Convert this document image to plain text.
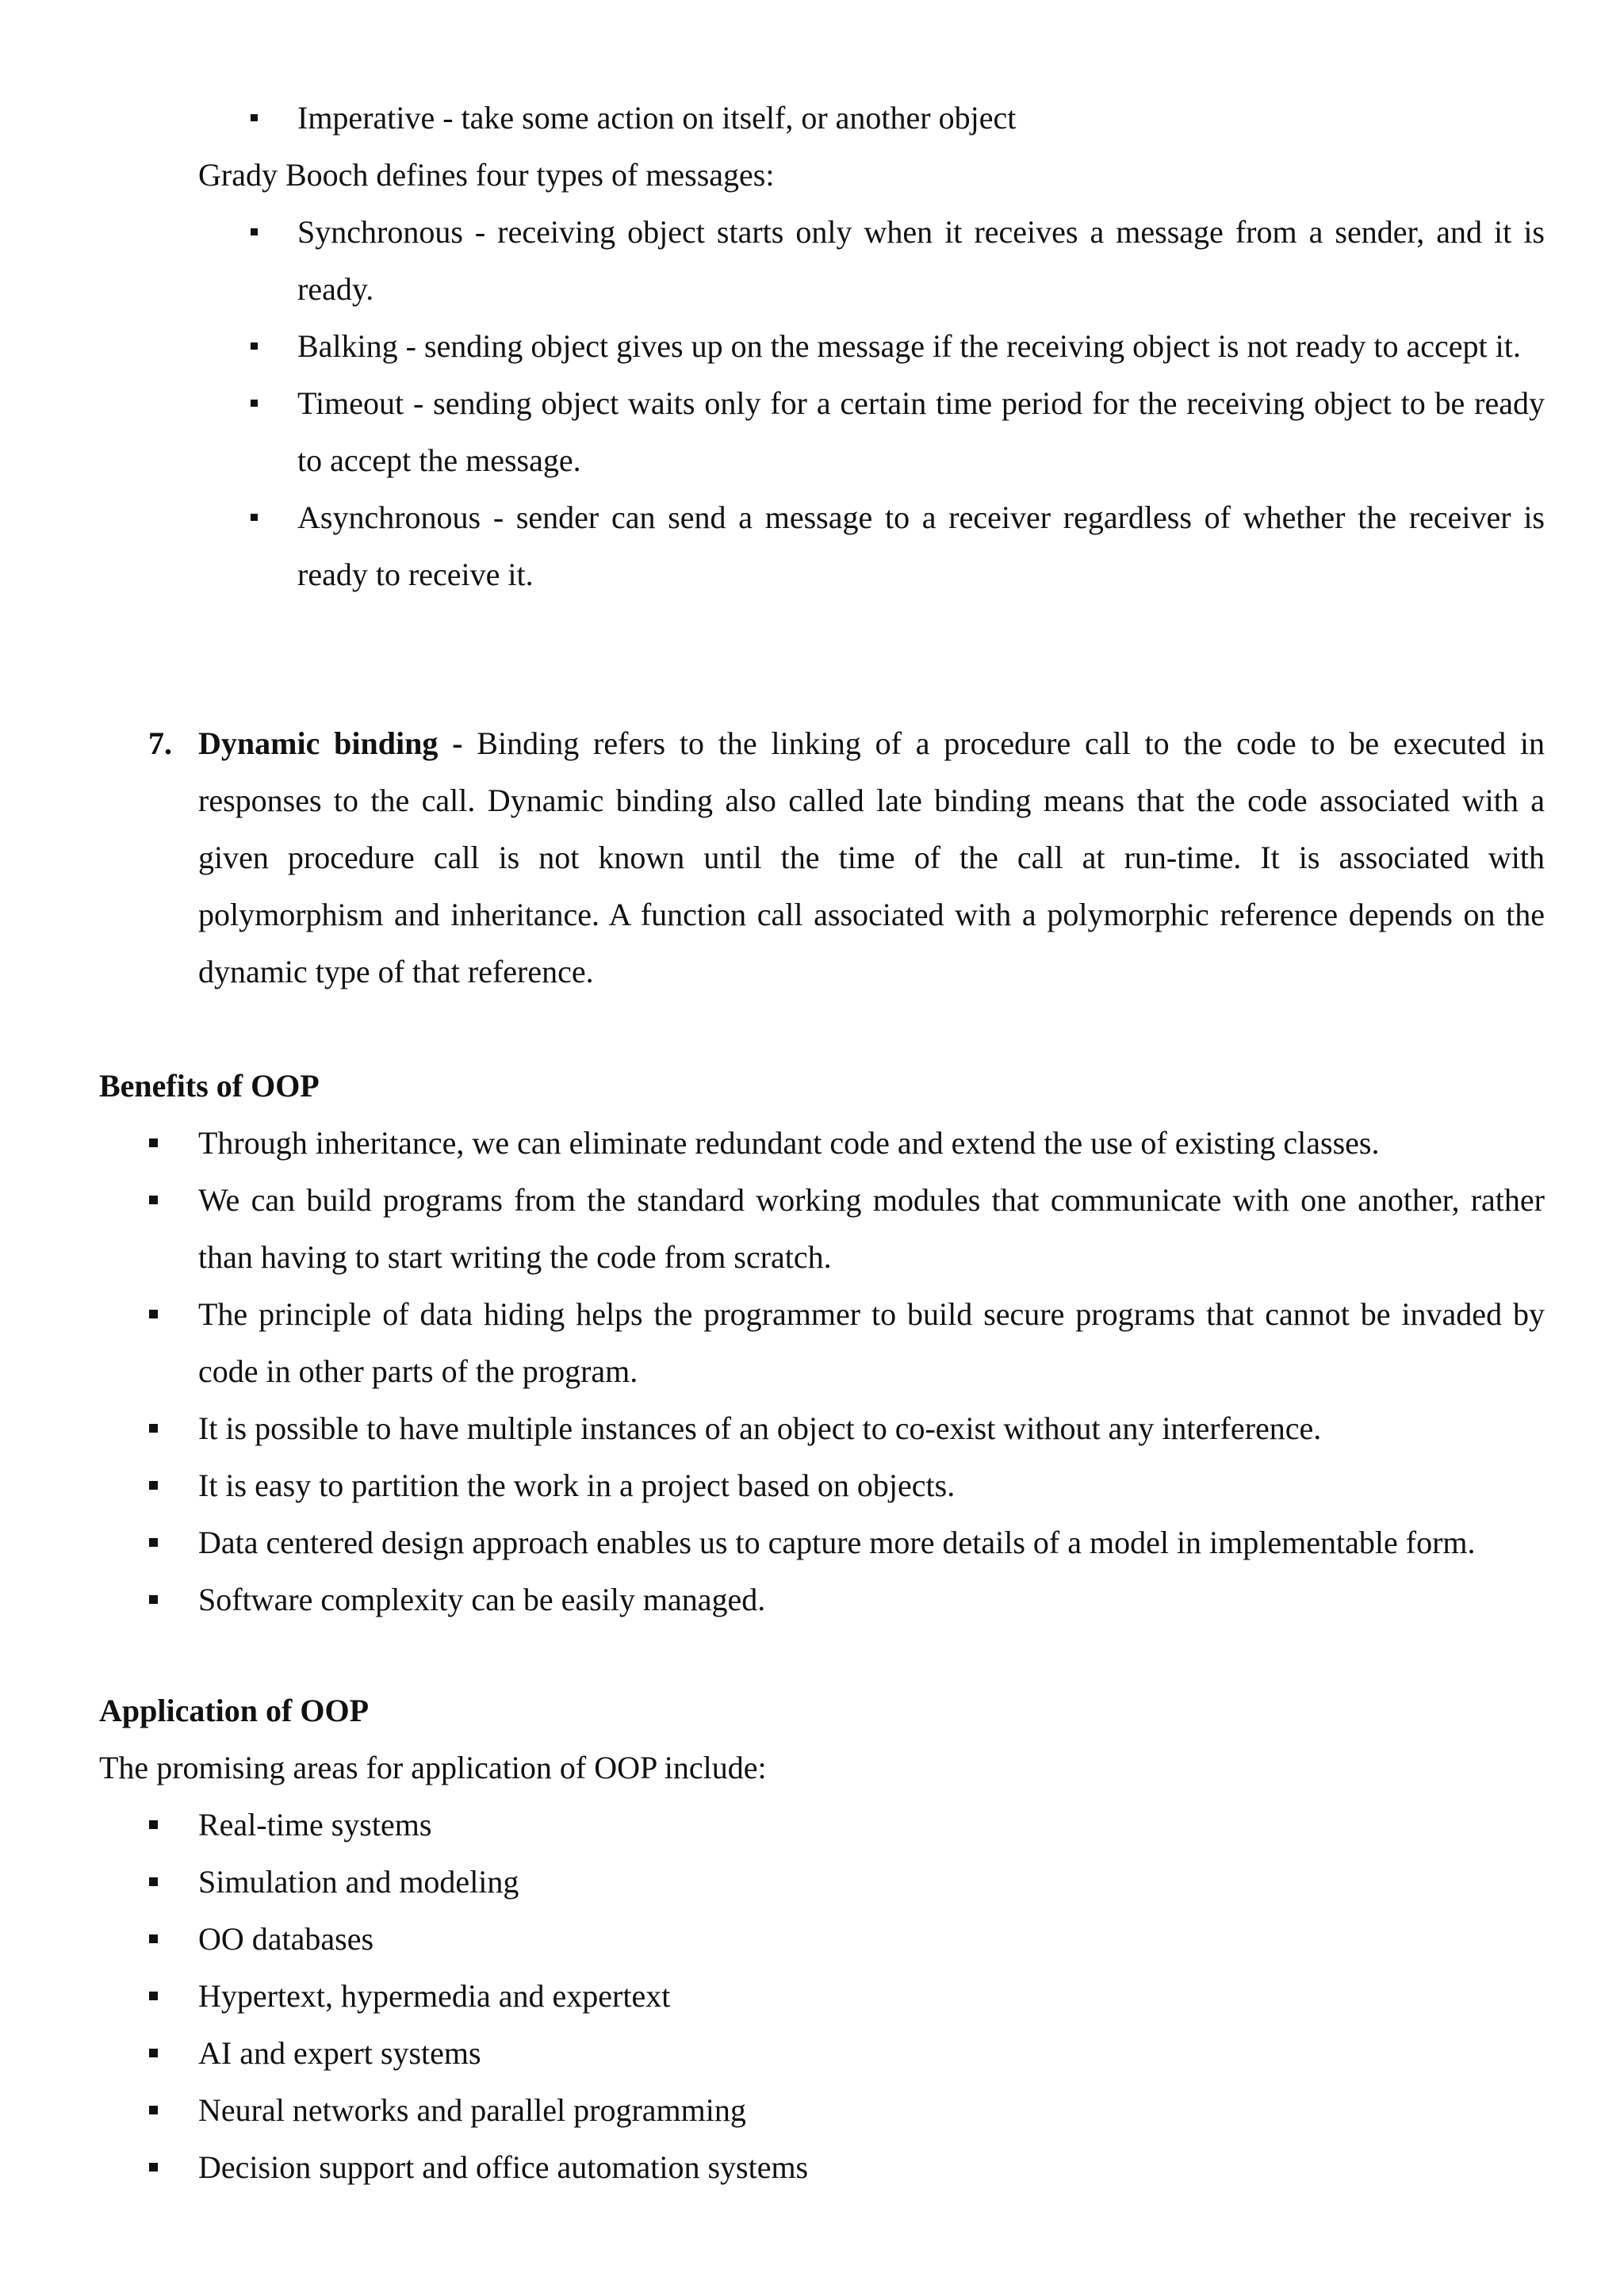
Imperative - take some action on itself, or another object

Grady Booch defines four types of messages:

Synchronous - receiving object starts only when it receives a message from a sender, and it is ready.

Balking - sending object gives up on the message if the receiving object is not ready to accept it.

Timeout - sending object waits only for a certain time period for the receiving object to be ready to accept the message.

Asynchronous - sender can send a message to a receiver regardless of whether the receiver is ready to receive it.

7. Dynamic binding - Binding refers to the linking of a procedure call to the code to be executed in responses to the call. Dynamic binding also called late binding means that the code associated with a given procedure call is not known until the time of the call at run-time. It is associated with polymorphism and inheritance. A function call associated with a polymorphic reference depends on the dynamic type of that reference.

Benefits of OOP

Through inheritance, we can eliminate redundant code and extend the use of existing classes.

We can build programs from the standard working modules that communicate with one another, rather than having to start writing the code from scratch.

The principle of data hiding helps the programmer to build secure programs that cannot be invaded by code in other parts of the program.

It is possible to have multiple instances of an object to co-exist without any interference.

It is easy to partition the work in a project based on objects.

Data centered design approach enables us to capture more details of a model in implementable form.

Software complexity can be easily managed.

Application of OOP

The promising areas for application of OOP include:

Real-time systems

Simulation and modeling

OO databases

Hypertext, hypermedia and expertext

AI and expert systems

Neural networks and parallel programming

Decision support and office automation systems
